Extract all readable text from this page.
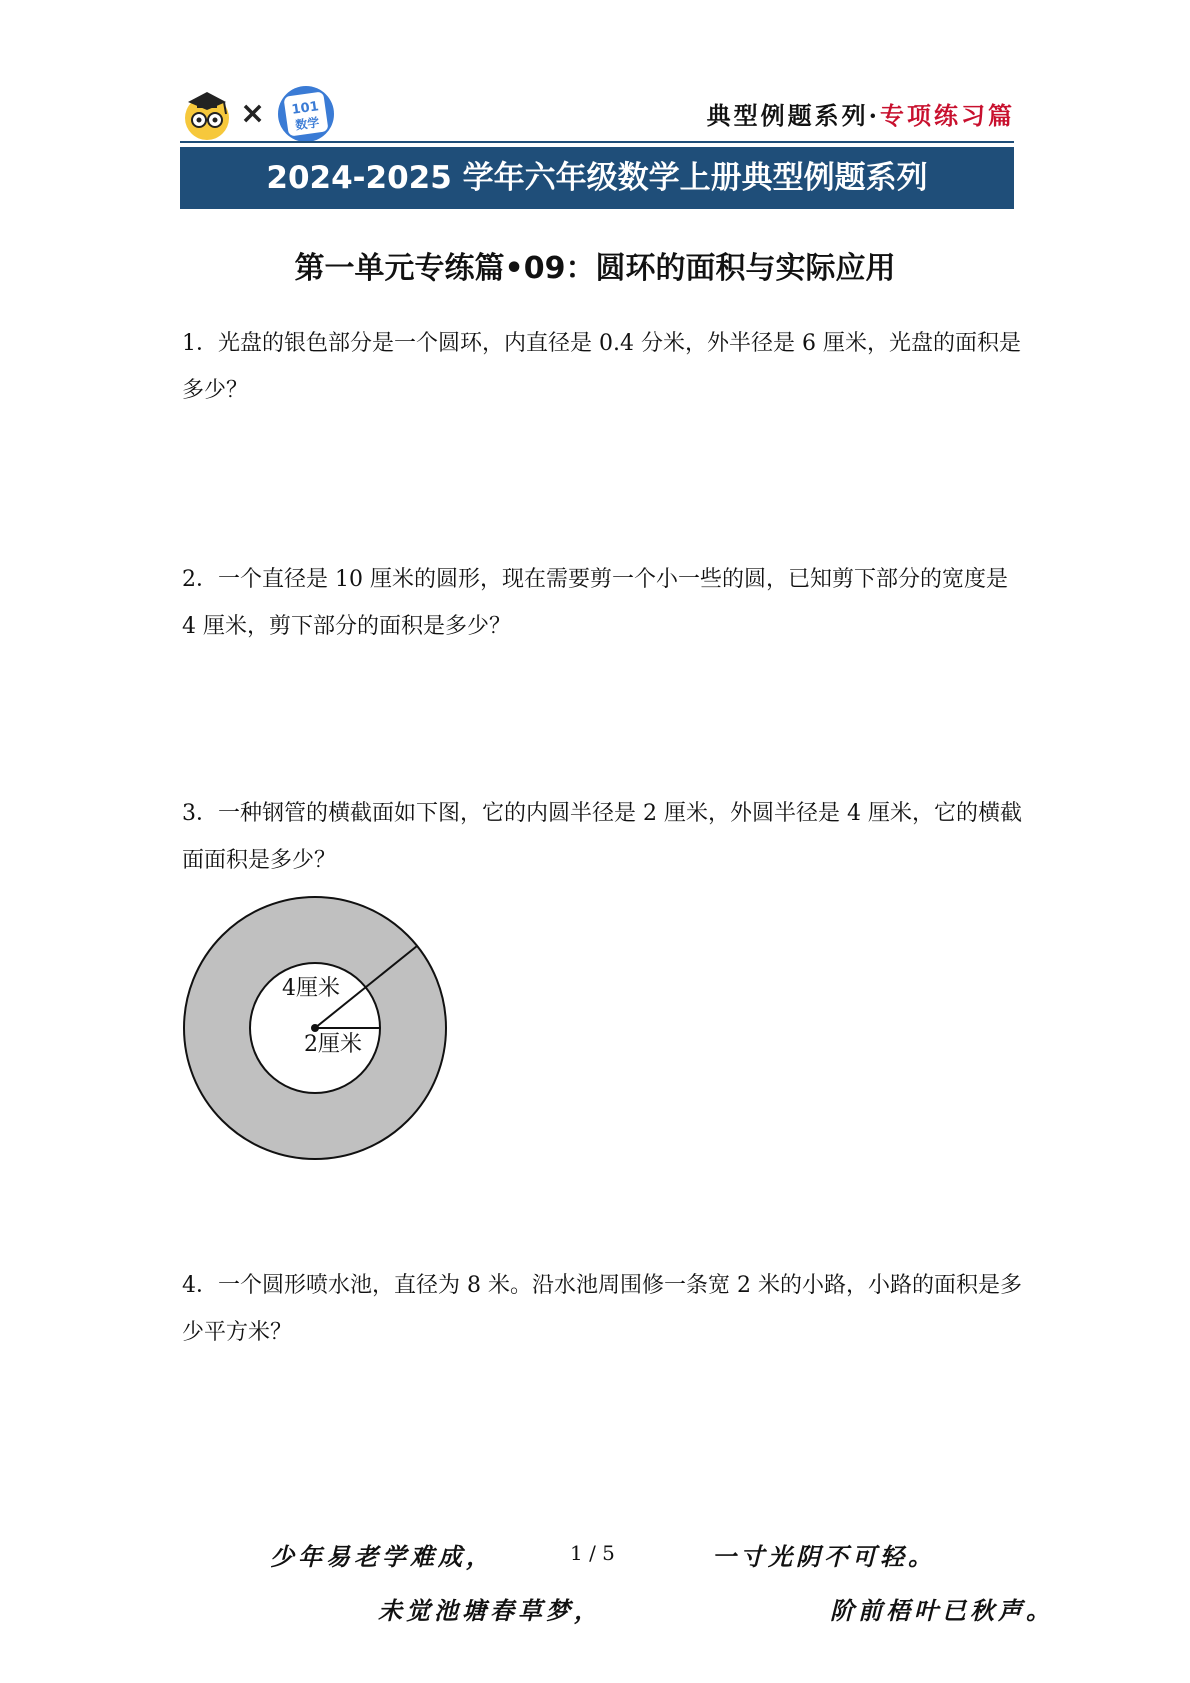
× 101
数学	典型例题系列·专项练习篇
2024-2025 学年六年级数学上册典型例题系列
第一单元专练篇•09：圆环的面积与实际应用
1．光盘的银色部分是一个圆环，内直径是 0.4 分米，外半径是 6 厘米，光盘的面积是多少？
2．一个直径是 10 厘米的圆形，现在需要剪一个小一些的圆，已知剪下部分的宽度是 4 厘米，剪下部分的面积是多少？
3．一种钢管的横截面如下图，它的内圆半径是 2 厘米，外圆半径是 4 厘米，它的横截面面积是多少？
4厘米
2厘米
4．一个圆形喷水池，直径为 8 米。沿水池周围修一条宽 2 米的小路，小路的面积是多少平方米？
少年易老学难成，	1 / 5	一寸光阴不可轻。
未觉池塘春草梦，	阶前梧叶已秋声。
